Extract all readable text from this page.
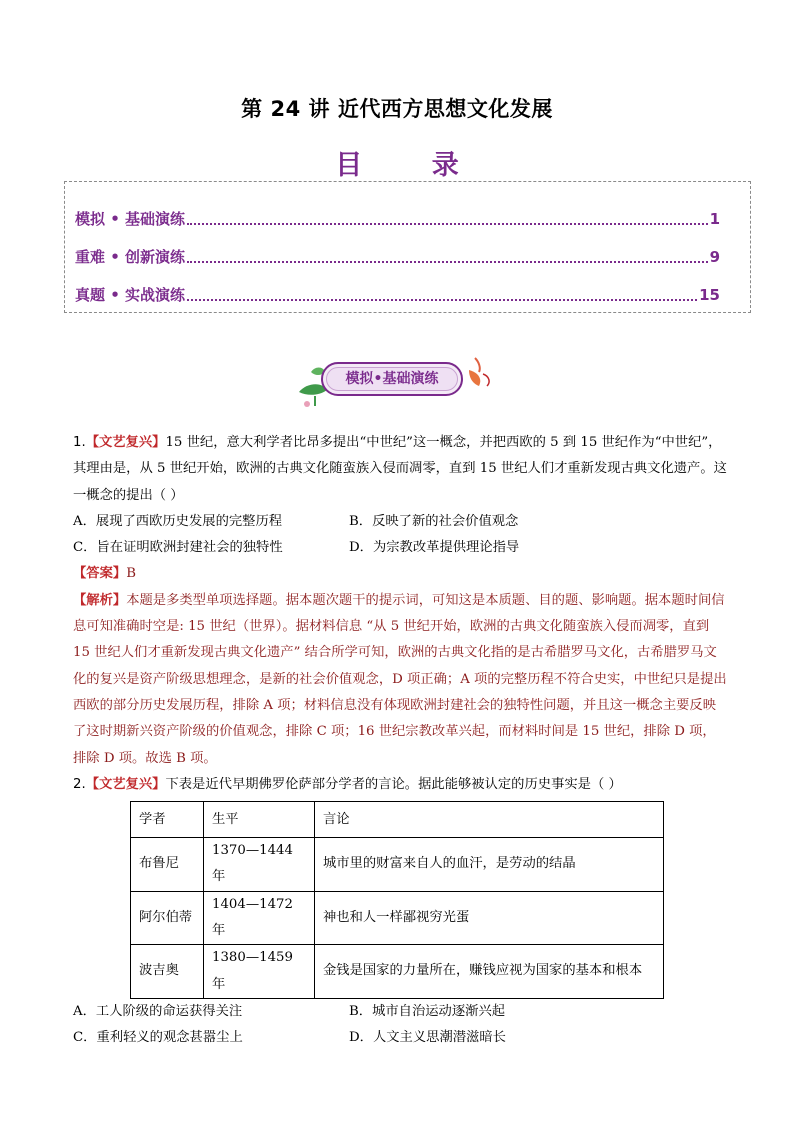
第 24 讲 近代西方思想文化发展
目 录
模拟 • 基础演练	1
重难 • 创新演练	9
真题 • 实战演练	15
模拟•基础演练

1.【文艺复兴】15 世纪，意大利学者比昂多提出“中世纪”这一概念，并把西欧的 5 到 15 世纪作为“中世纪”，其理由是，从 5 世纪开始，欧洲的古典文化随蛮族入侵而凋零，直到 15 世纪人们才重新发现古典文化遗产。这一概念的提出（ ）

A．展现了西欧历史发展的完整历程	B．反映了新的社会价值观念
C．旨在证明欧洲封建社会的独特性	D．为宗教改革提供理论指导

【答案】B

【解析】本题是多类型单项选择题。据本题次题干的提示词，可知这是本质题、目的题、影响题。据本题时间信息可知准确时空是: 15 世纪（世界）。据材料信息 “从 5 世纪开始，欧洲的古典文化随蛮族入侵而凋零，直到 15 世纪人们才重新发现古典文化遗产” 结合所学可知，欧洲的古典文化指的是古希腊罗马文化，古希腊罗马文化的复兴是资产阶级思想理念，是新的社会价值观念，D 项正确；A 项的完整历程不符合史实，中世纪只是提出西欧的部分历史发展历程，排除 A 项；材料信息没有体现欧洲封建社会的独特性问题，并且这一概念主要反映了这时期新兴资产阶级的价值观念，排除 C 项；16 世纪宗教改革兴起，而材料时间是 15 世纪，排除 D 项，排除 D 项。故选 B 项。

2.【文艺复兴】下表是近代早期佛罗伦萨部分学者的言论。据此能够被认定的历史事实是（ ）

学者	生平	言论
布鲁尼	1370—1444 年	城市里的财富来自人的血汗，是劳动的结晶
阿尔伯蒂	1404—1472 年	神也和人一样鄙视穷光蛋
波吉奥	1380—1459 年	金钱是国家的力量所在，赚钱应视为国家的基本和根本
A．工人阶级的命运获得关注	B．城市自治运动逐渐兴起
C．重利轻义的观念甚嚣尘上	D．人文主义思潮潜滋暗长
